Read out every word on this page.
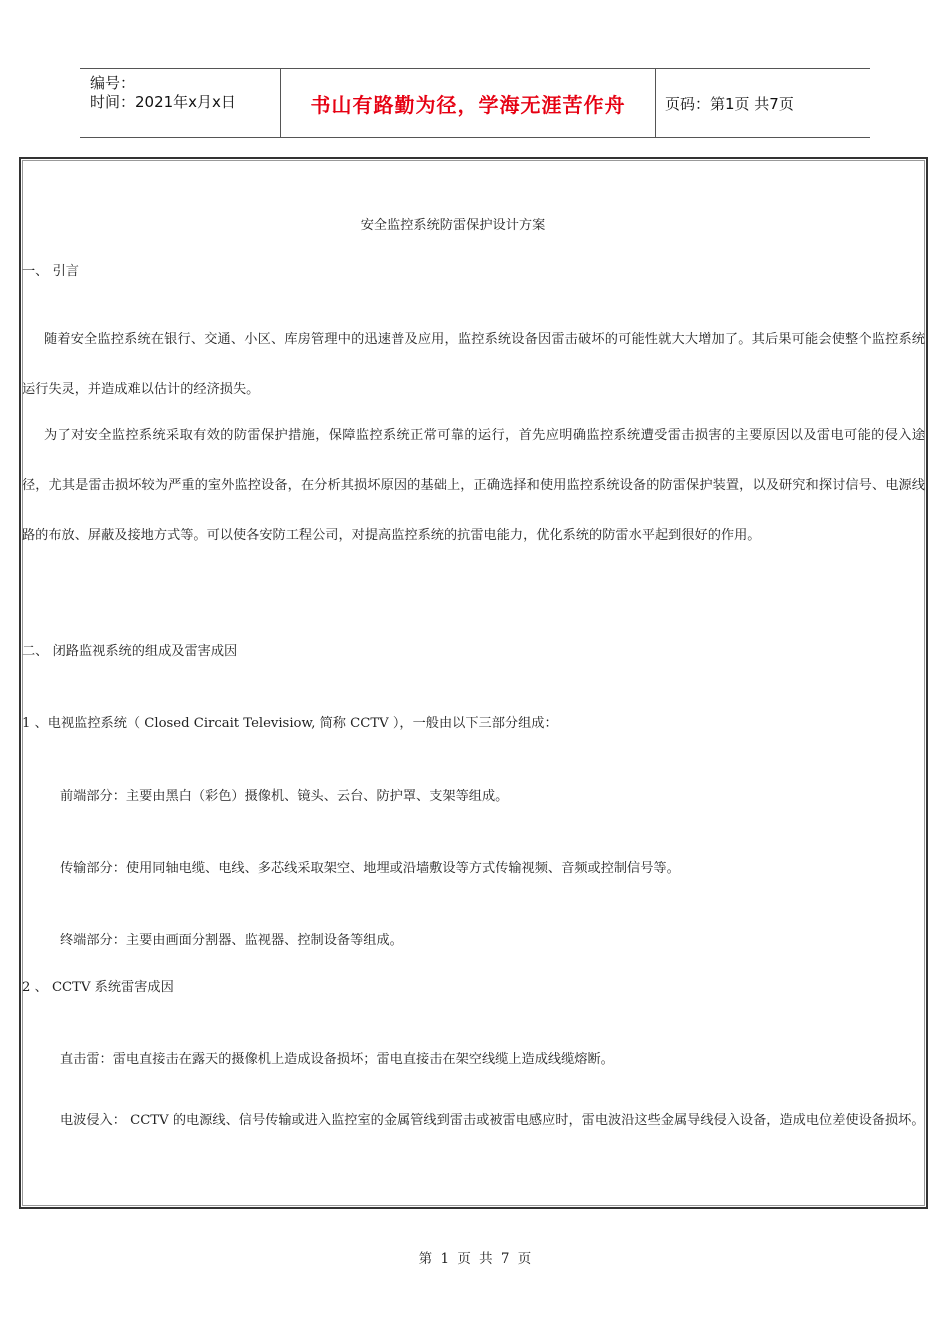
编号：
时间：2021年x月x日	书山有路勤为径，学海无涯苦作舟	页码：第1页 共7页
安全监控系统防雷保护设计方案
一、 引言
随着安全监控系统在银行、交通、小区、库房管理中的迅速普及应用，监控系统设备因雷击破坏的可能性就大大增加了。其后果可能会使整个监控系统运行失灵，并造成难以估计的经济损失。
为了对安全监控系统采取有效的防雷保护措施，保障监控系统正常可靠的运行，首先应明确监控系统遭受雷击损害的主要原因以及雷电可能的侵入途径，尤其是雷击损坏较为严重的室外监控设备，在分析其损坏原因的基础上，正确选择和使用监控系统设备的防雷保护装置，以及研究和探讨信号、电源线路的布放、屏蔽及接地方式等。可以使各安防工程公司，对提高监控系统的抗雷电能力，优化系统的防雷水平起到很好的作用。
二、 闭路监视系统的组成及雷害成因
1 、电视监控系统（ Closed Circait Televisiow, 简称 CCTV ），一般由以下三部分组成：
前端部分：主要由黑白（彩色）摄像机、镜头、云台、防护罩、支架等组成。
传输部分：使用同轴电缆、电线、多芯线采取架空、地埋或沿墙敷设等方式传输视频、音频或控制信号等。
终端部分：主要由画面分割器、监视器、控制设备等组成。
2 、 CCTV 系统雷害成因
直击雷：雷电直接击在露天的摄像机上造成设备损坏；雷电直接击在架空线缆上造成线缆熔断。
电波侵入： CCTV 的电源线、信号传输或进入监控室的金属管线到雷击或被雷电感应时，雷电波沿这些金属导线侵入设备，造成电位差使设备损坏。
第 1 页 共 7 页
